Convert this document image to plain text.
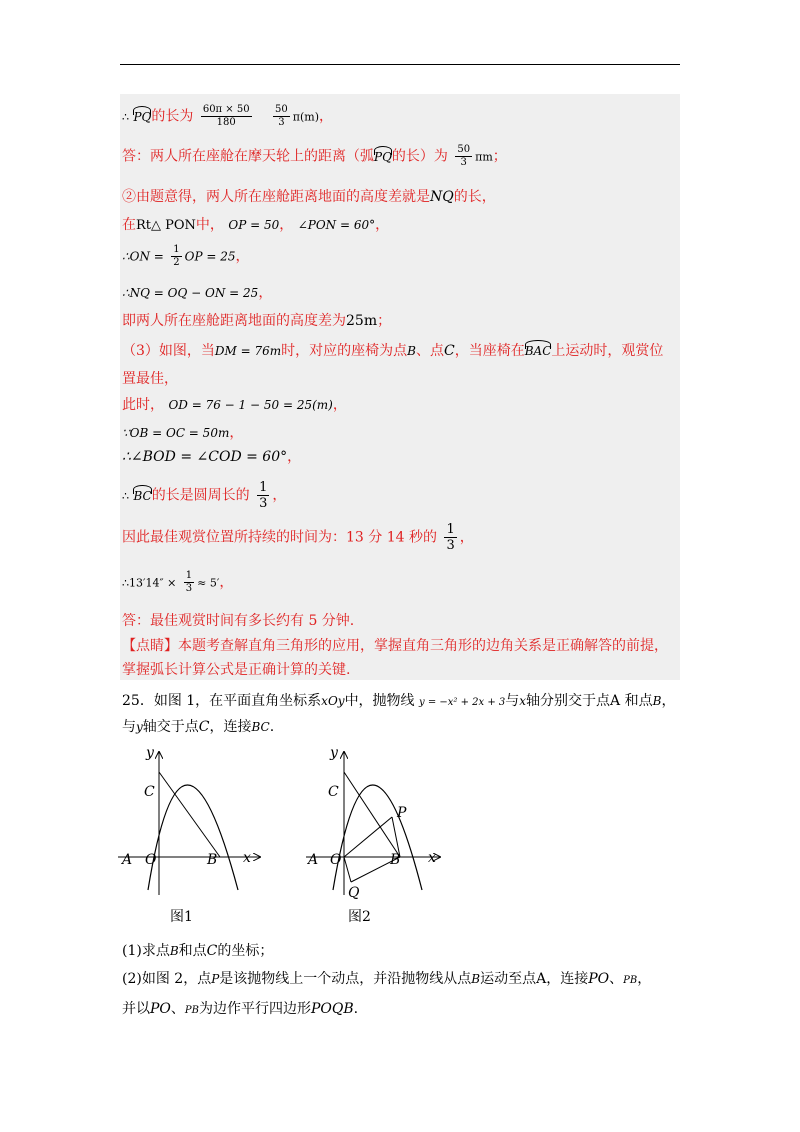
∴ PQ的长为 $\frac{60\pi \times 50}{180}$
$\frac{50}{3} \pi(m)$，
答：两人所在座舱在摩天轮上的距离（弧PQ的长）为 $\frac{50}{3}$ πm；
②由题意得，两人所在座舱距离地面的高度差就是NQ的长，
在Rt△ PON中， OP = 50， ∠PON = 60°，
∴ON = $\frac{1}{2}$ OP = 25，
∴NQ = OQ − ON = 25，
即两人所在座舱距离地面的高度差为25m；
（3）如图，当DM = 76m时，对应的座椅为点B、点C，当座椅在BAC上运动时，观赏位
置最佳，
此时， OD = 76 − 1 − 50 = 25(m)，
∵OB = OC = 50m，
∴∠BOD = ∠COD = 60°，
∴ BC的长是圆周长的 $\frac{1}{3}$ ，
因此最佳观赏位置所持续的时间为：13 分 14 秒的 $\frac{1}{3}$ ，
∴13′14″ × $\frac{1}{3} \approx 5'$，
答：最佳观赏时间有多长约有 5 分钟.
【点睛】本题考查解直角三角形的应用，掌握直角三角形的边角关系是正确解答的前提，
掌握弧长计算公式是正确计算的关键.
25．如图 1，在平面直角坐标系xOy中，抛物线 y = −x² + 2x + 3与x轴分别交于点A 和点B，
与y轴交于点C，连接BC.
y
x
A O	B
C
图1
y
x
A O	B
C
P
Q
图2
(1)求点B和点C的坐标；
(2)如图 2，点P是该抛物线上一个动点，并沿抛物线从点B运动至点A，连接PO、PB，
并以PO、PB为边作平行四边形POQB.
